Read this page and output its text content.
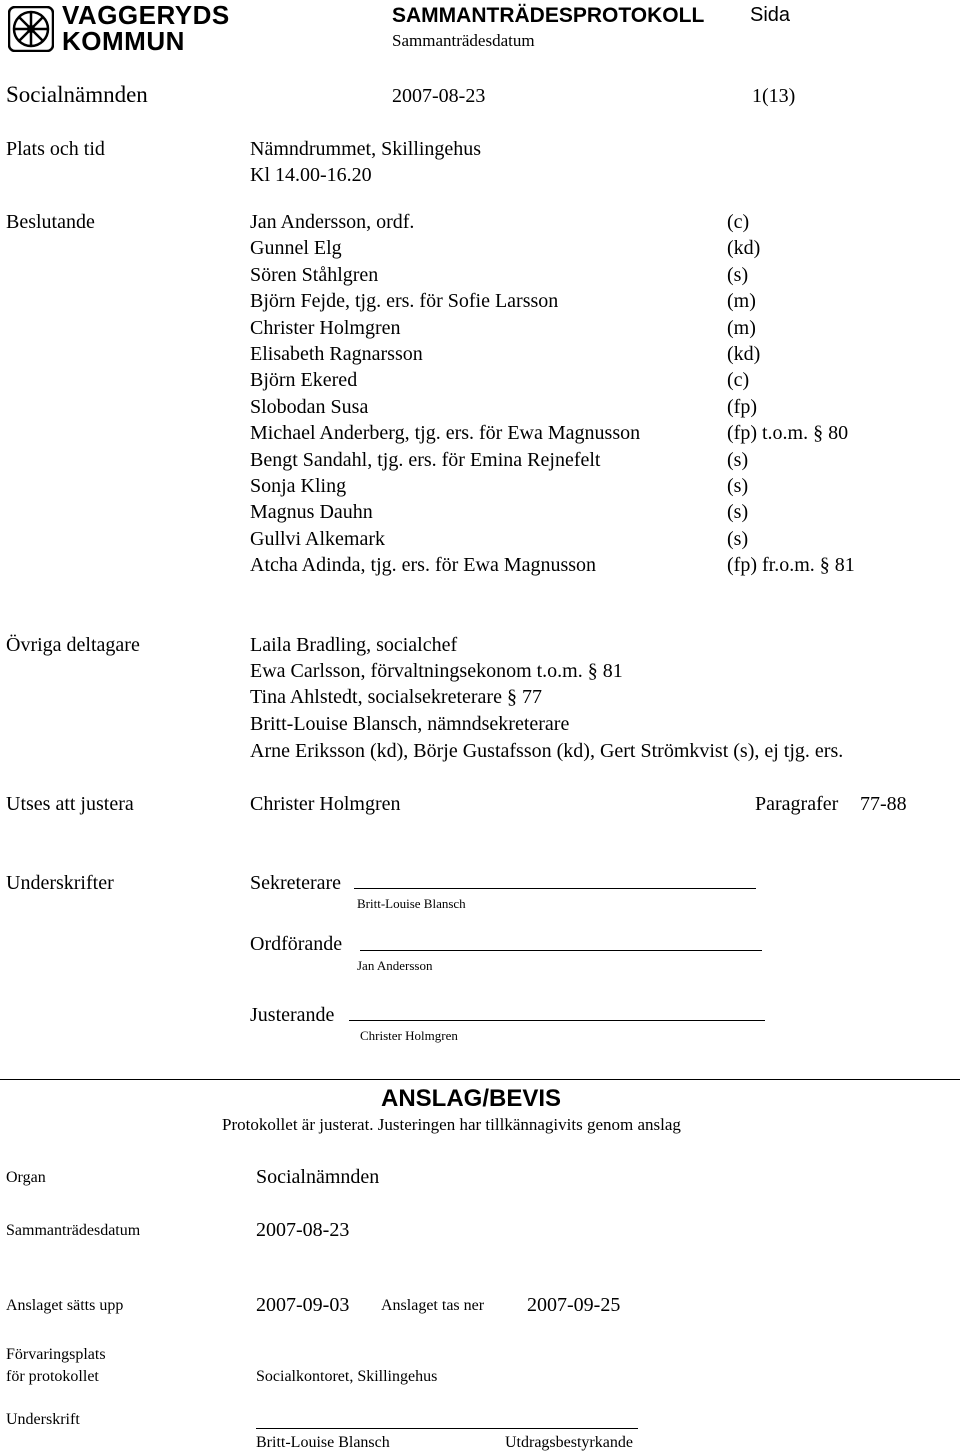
VAGGERYDS
KOMMUN
SAMMANTRÄDESPROTOKOLL Sida
Sammanträdesdatum
Socialnämnden	2007-08-23	1(13)
Plats och tid	Nämndrummet, Skillingehus
Kl 14.00-16.20
Beslutande	Jan Andersson, ordf.	(c)
Gunnel Elg	(kd)
Sören Ståhlgren	(s)
Björn Fejde, tjg. ers. för Sofie Larsson	(m)
Christer Holmgren	(m)
Elisabeth Ragnarsson	(kd)
Björn Ekered	(c)
Slobodan Susa	(fp)
Michael Anderberg, tjg. ers. för Ewa Magnusson	(fp) t.o.m. § 80
Bengt Sandahl, tjg. ers. för Emina Rejnefelt	(s)
Sonja Kling	(s)
Magnus Dauhn	(s)
Gullvi Alkemark	(s)
Atcha Adinda, tjg. ers. för Ewa Magnusson	(fp) fr.o.m. § 81
Övriga deltagare	Laila Bradling, socialchef
Ewa Carlsson, förvaltningsekonom t.o.m. § 81
Tina Ahlstedt, socialsekreterare § 77
Britt-Louise Blansch, nämndsekreterare
Arne Eriksson (kd), Börje Gustafsson (kd), Gert Strömkvist (s), ej tjg. ers.
Utses att justera	Christer Holmgren	Paragrafer 77-88
Underskrifter	Sekreterare
Britt-Louise Blansch
Ordförande
Jan Andersson
Justerande
Christer Holmgren
ANSLAG/BEVIS
Protokollet är justerat. Justeringen har tillkännagivits genom anslag
Organ	Socialnämnden
Sammanträdesdatum	2007-08-23
Anslaget sätts upp	2007-09-03 Anslaget tas ner 2007-09-25
Förvaringsplats
för protokollet	Socialkontoret, Skillingehus
Underskrift
Britt-Louise Blansch	Utdragsbestyrkande
